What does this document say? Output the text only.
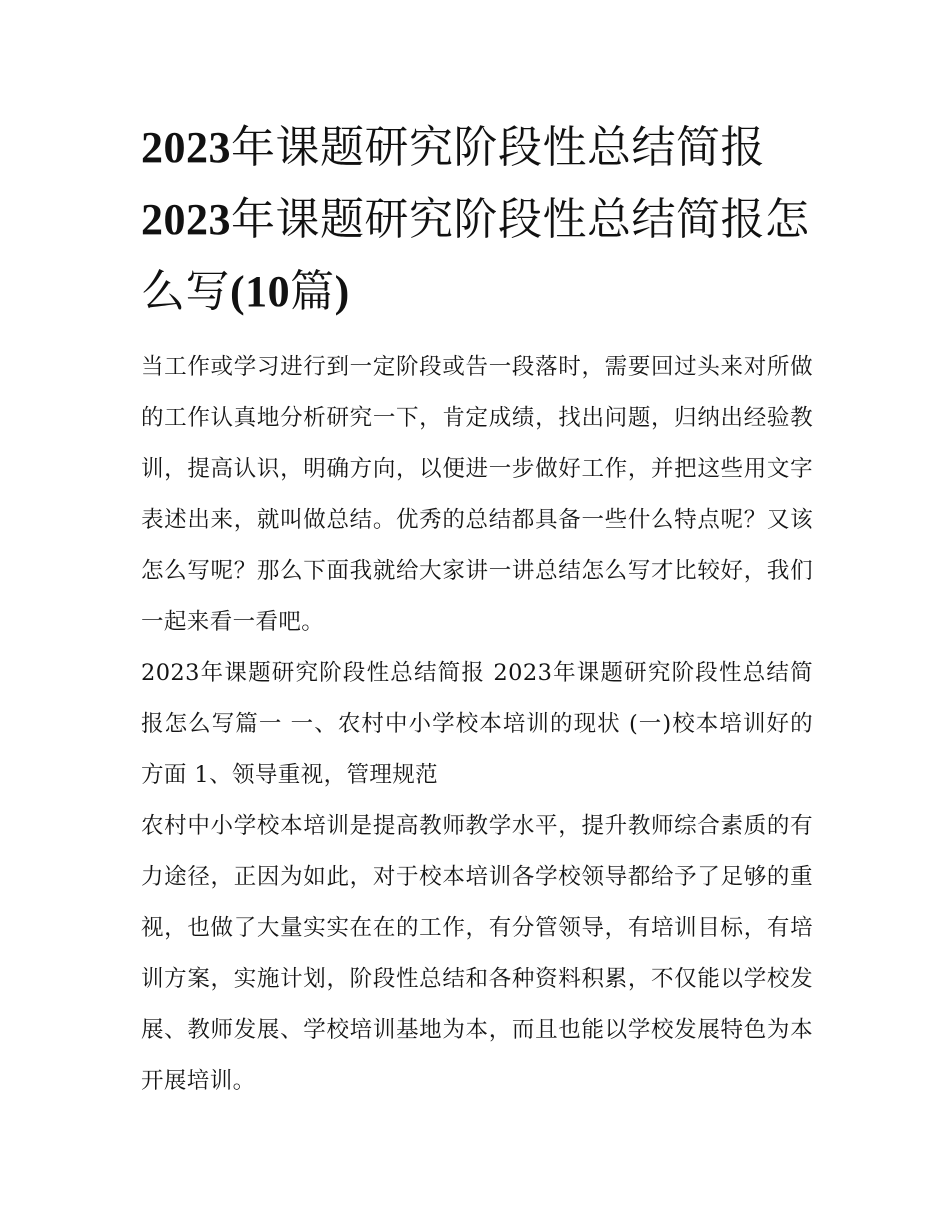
2023年课题研究阶段性总结简报 2023年课题研究阶段性总结简报怎么写(10篇)

当工作或学习进行到一定阶段或告一段落时，需要回过头来对所做的工作认真地分析研究一下，肯定成绩，找出问题，归纳出经验教训，提高认识，明确方向，以便进一步做好工作，并把这些用文字表述出来，就叫做总结。优秀的总结都具备一些什么特点呢？又该怎么写呢？那么下面我就给大家讲一讲总结怎么写才比较好，我们一起来看一看吧。

2023年课题研究阶段性总结简报 2023年课题研究阶段性总结简报怎么写篇一 一、农村中小学校本培训的现状 (一)校本培训好的方面 1、领导重视，管理规范

农村中小学校本培训是提高教师教学水平，提升教师综合素质的有力途径，正因为如此，对于校本培训各学校领导都给予了足够的重视，也做了大量实实在在的工作，有分管领导，有培训目标，有培训方案，实施计划，阶段性总结和各种资料积累，不仅能以学校发展、教师发展、学校培训基地为本，而且也能以学校发展特色为本开展培训。
